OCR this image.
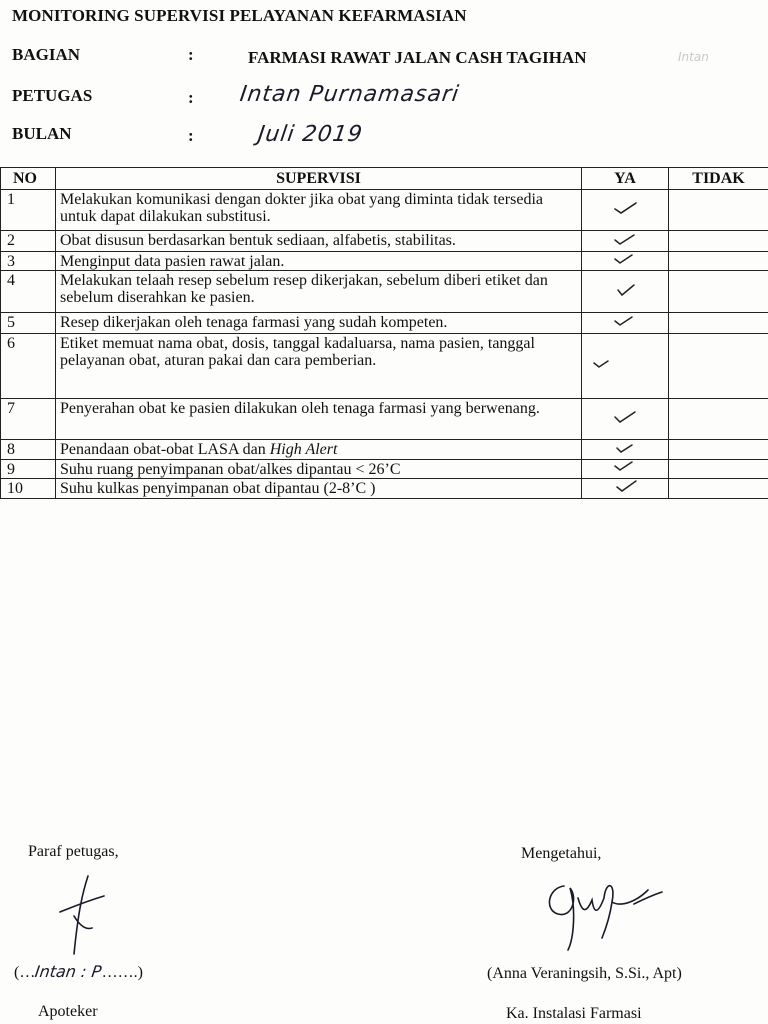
MONITORING SUPERVISI PELAYANAN KEFARMASIAN
BAGIAN	:	FARMASI RAWAT JALAN CASH TAGIHAN	Intan
PETUGAS	: Intan Purnamasari
BULAN	:	Juli 2019
NO	SUPERVISI	YA	TIDAK
1	Melakukan komunikasi dengan dokter jika obat yang diminta tidak tersedia untuk dapat dilakukan substitusi.		
2	Obat disusun berdasarkan bentuk sediaan, alfabetis, stabilitas.		
3	Menginput data pasien rawat jalan.		
4	Melakukan telaah resep sebelum resep dikerjakan, sebelum diberi etiket dan sebelum diserahkan ke pasien.		
5	Resep dikerjakan oleh tenaga farmasi yang sudah kompeten.		
6	Etiket memuat nama obat, dosis, tanggal kadaluarsa, nama pasien, tanggal pelayanan obat, aturan pakai dan cara pemberian.		
7	Penyerahan obat ke pasien dilakukan oleh tenaga farmasi yang berwenang.		
8	Penandaan obat-obat LASA dan High Alert		
9	Suhu ruang penyimpanan obat/alkes dipantau < 26’C		
10	Suhu kulkas penyimpanan obat dipantau (2-8’C )		
Paraf petugas,
(…Intan : P…….)
Apoteker
Mengetahui,
(Anna Veraningsih, S.Si., Apt)
Ka. Instalasi Farmasi
